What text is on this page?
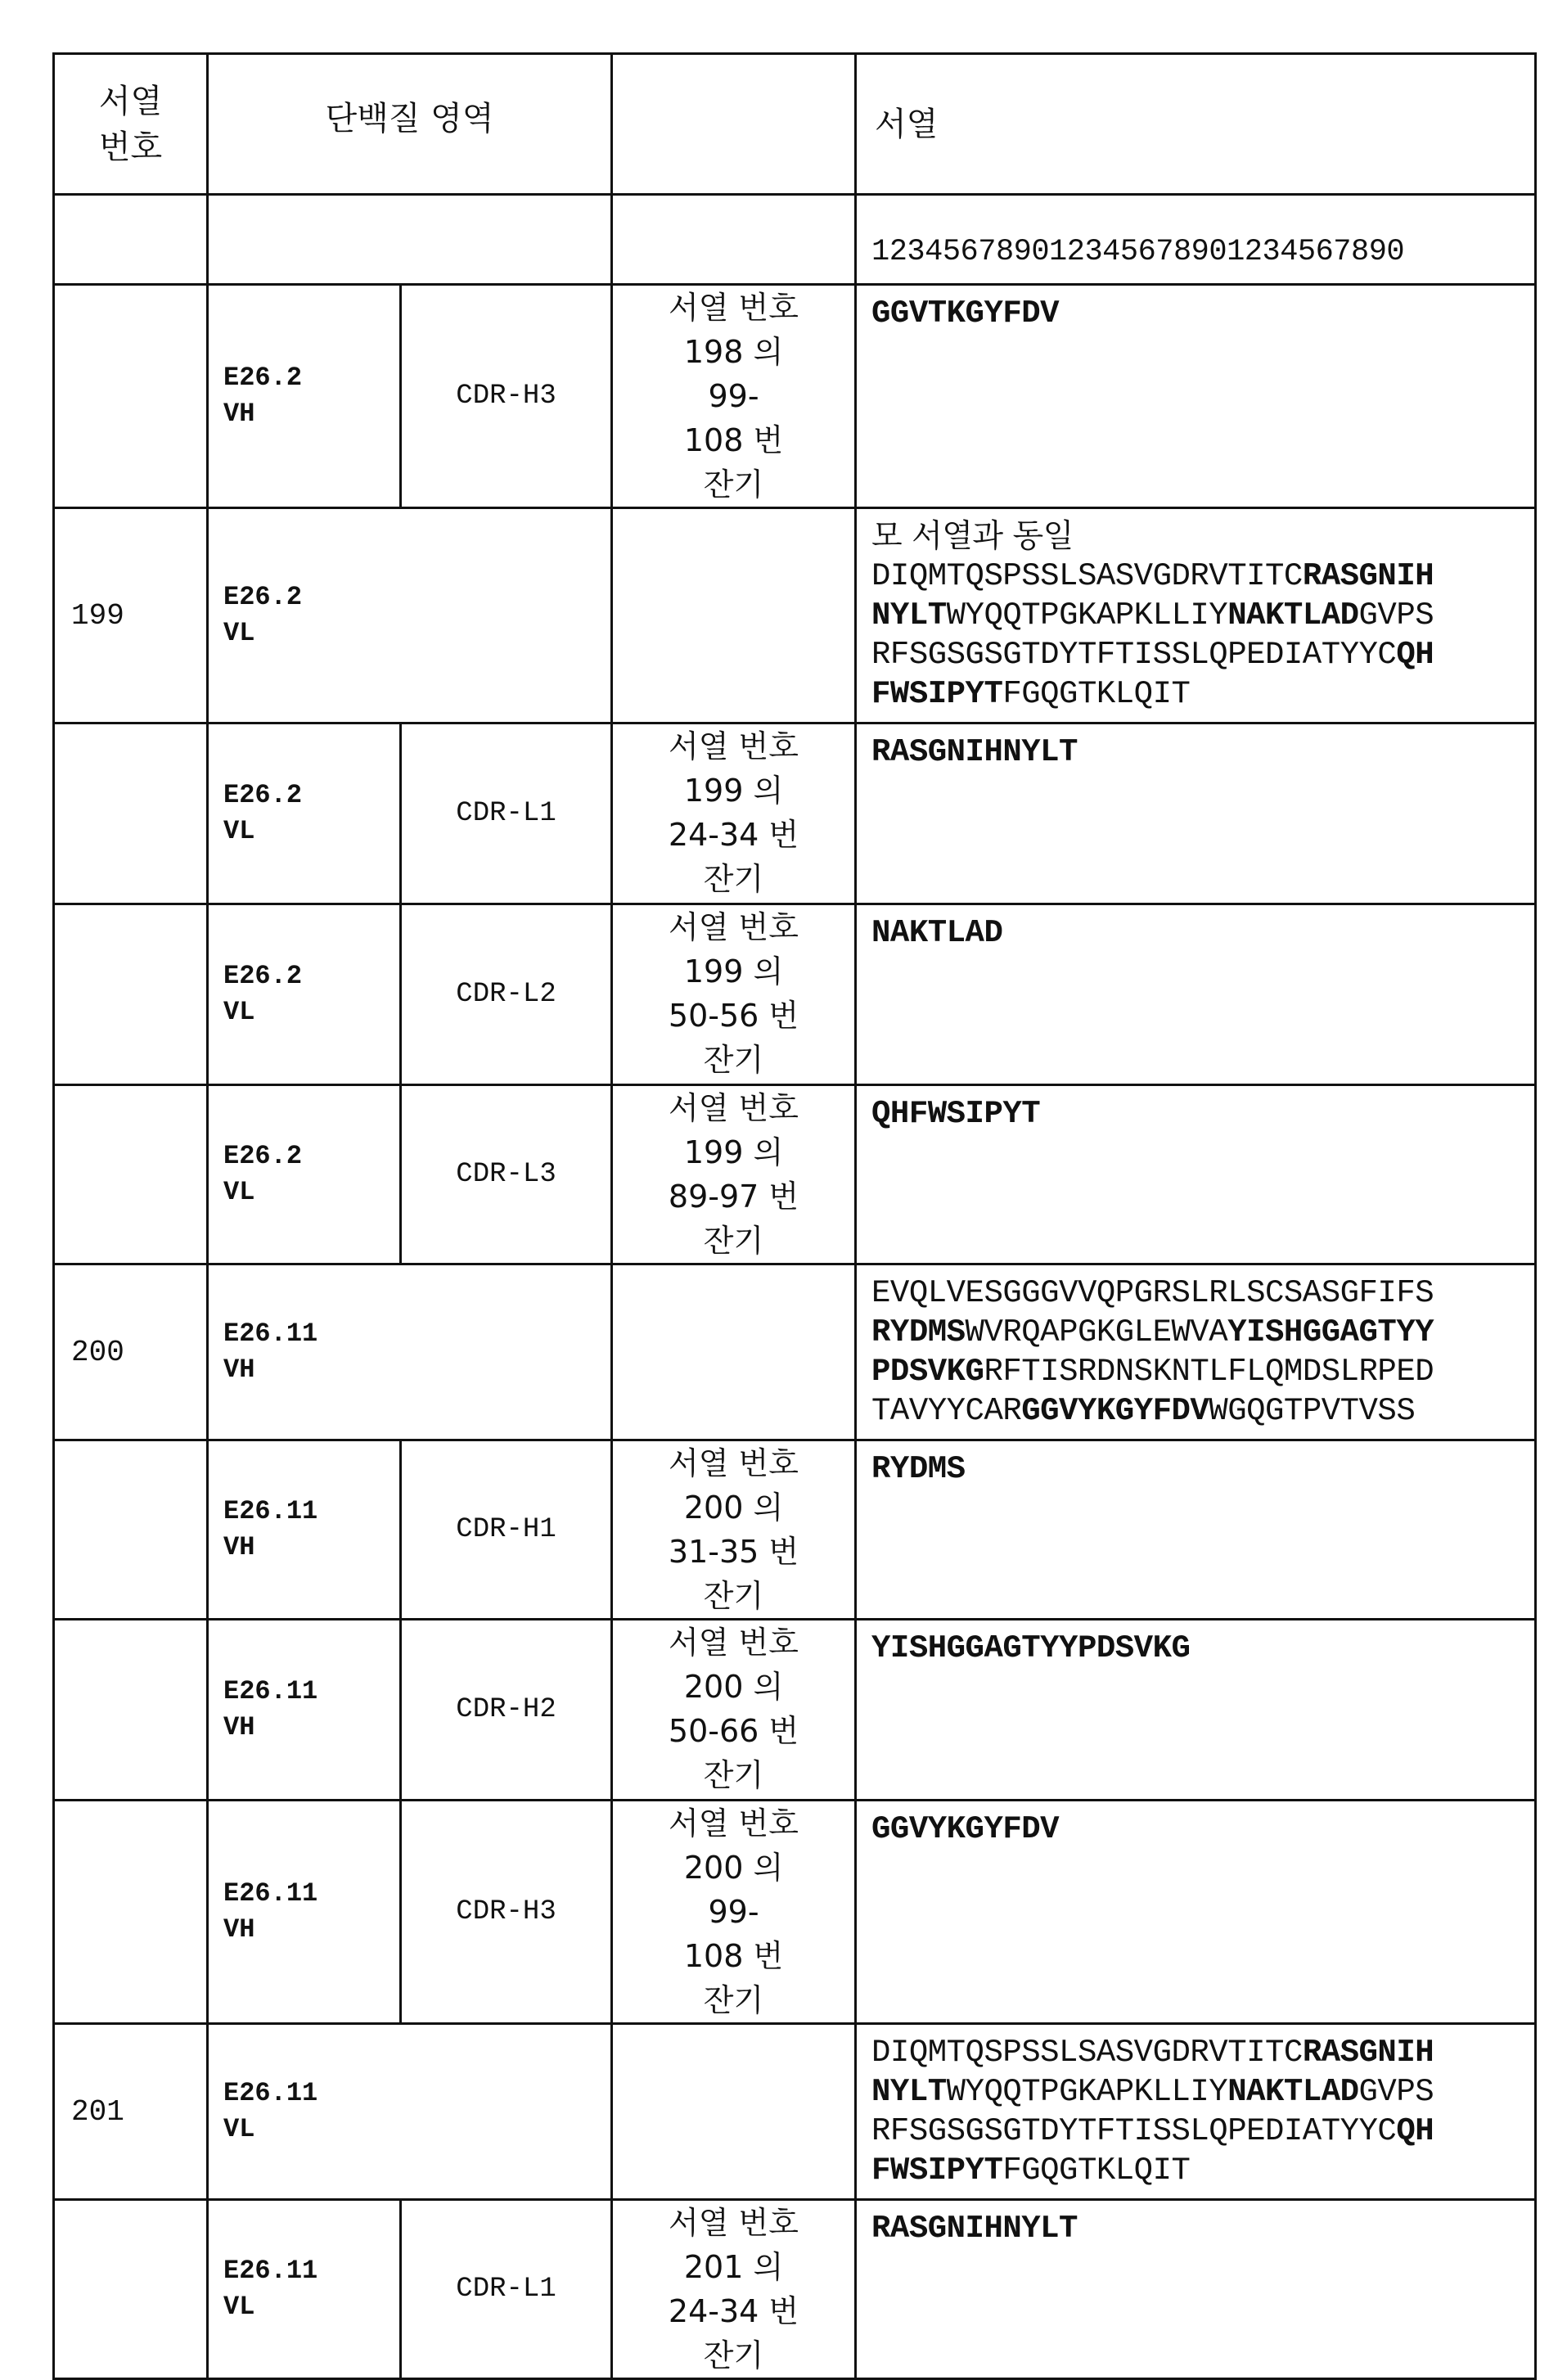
서열
번호	단백질 영역		서열
			12345678901234567890123456789​0
	E26.2
VH	CDR-H3	서열 번호
198 의
99-
108 번
잔기	
GGVTKGYFDV

199	E26.2
VL		
모 서열과 동일
DIQMTQSPSSLSASVGDRVTITCRASGNIH
NYLTWYQQTPGKAPKLLIYNAKTLADGVPS
RFSGSGSGTDYTFTISSLQPEDIATYYCQH
FWSIPYTFGQGTKLQIT

	E26.2
VL	CDR-L1	서열 번호
199 의
24-34 번
잔기	
RASGNIHNYLT

	E26.2
VL	CDR-L2	서열 번호
199 의
50-56 번
잔기	
NAKTLAD

	E26.2
VL	CDR-L3	서열 번호
199 의
89-97 번
잔기	
QHFWSIPYT

200	E26.11
VH		
EVQLVESGGGVVQPGRSLRLSCSASGFIFS
RYDMSWVRQAPGKGLEWVAYISHGGAGTYY
PDSVKGRFTISRDNSKNTLFLQMDSLRPED
TAVYYCARGGVYKGYFDVWGQGTPVTVSS

	E26.11
VH	CDR-H1	서열 번호
200 의
31-35 번
잔기	
RYDMS

	E26.11
VH	CDR-H2	서열 번호
200 의
50-66 번
잔기	
YISHGGAGTYYPDSVKG

	E26.11
VH	CDR-H3	서열 번호
200 의
99-
108 번
잔기	
GGVYKGYFDV

201	E26.11
VL		
DIQMTQSPSSLSASVGDRVTITCRASGNIH
NYLTWYQQTPGKAPKLLIYNAKTLADGVPS
RFSGSGSGTDYTFTISSLQPEDIATYYCQH
FWSIPYTFGQGTKLQIT

	E26.11
VL	CDR-L1	서열 번호
201 의
24-34 번
잔기	
RASGNIHNYLT
